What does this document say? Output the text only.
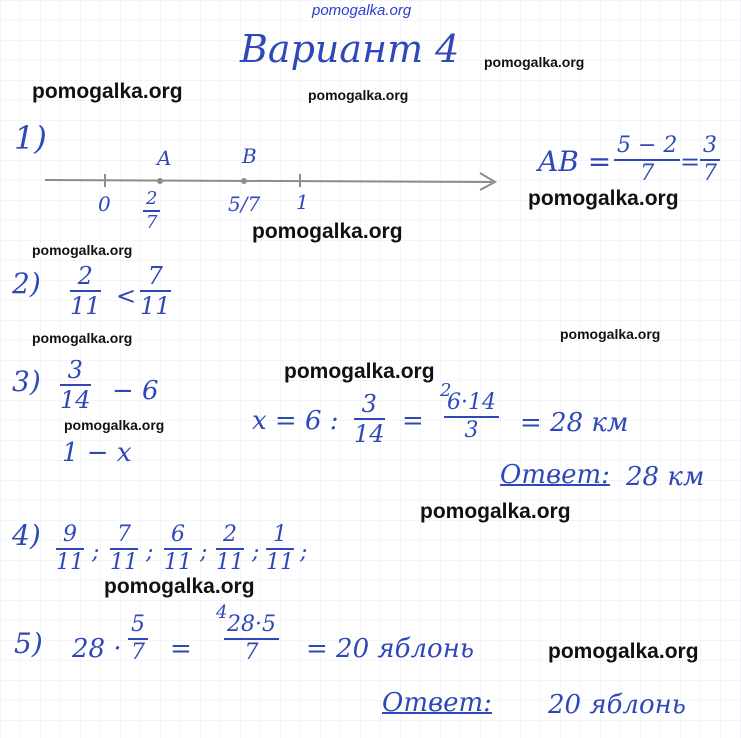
pomogalka.org
pomogalka.org
pomogalka.org	pomogalka.org
pomogalka.org
pomogalka.org
pomogalka.org
pomogalka.org	pomogalka.org
pomogalka.org
pomogalka.org
pomogalka.org
pomogalka.org
pomogalka.org
Вариант 4
1)
A	B
$0 \frac{2}{7}$	5/7 1
AB = $\frac{5 - 2}{7} = \frac{3}{7}$
$2) \frac{2}{11} < \frac{7}{11}$
$3) \frac{3}{14} - 6$
1 − x
x = 6 : $\frac{3}{14}$ =
2
$\frac{6\cdot 14}{3} = 28$ км
Ответ: 28 км
$4) \frac{9}{11}$ ; $\frac{7}{11}$ ; $\frac{6}{11}$ ; $\frac{2}{11}$ ; $\frac{1}{11}$ ;
5) $28 \cdot \frac{5}{7}$ =
4
$\frac{28\cdot 5}{7} = 20$ яблонь
Ответ: 20 яблонь
